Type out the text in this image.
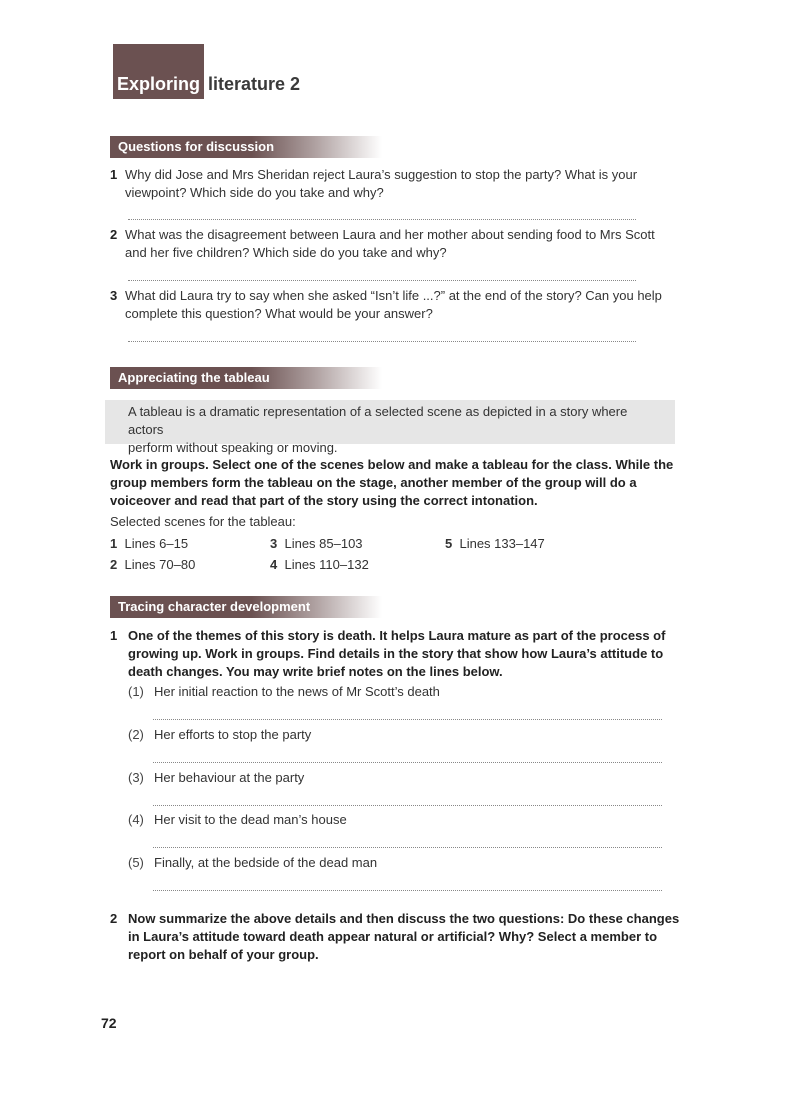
Exploring literature 2
Questions for discussion
1 Why did Jose and Mrs Sheridan reject Laura’s suggestion to stop the party? What is your
viewpoint? Which side do you take and why?
2 What was the disagreement between Laura and her mother about sending food to Mrs Scott
and her five children? Which side do you take and why?
3 What did Laura try to say when she asked “Isn’t life ...?” at the end of the story? Can you help
complete this question? What would be your answer?
Appreciating the tableau
A tableau is a dramatic representation of a selected scene as depicted in a story where actors
perform without speaking or moving.
Work in groups. Select one of the scenes below and make a tableau for the class. While the
group members form the tableau on the stage, another member of the group will do a
voiceover and read that part of the story using the correct intonation.
Selected scenes for the tableau:
1 Lines 6–15
2 Lines 70–80
3 Lines 85–103
4 Lines 110–132
5 Lines 133–147
Tracing character development
1 One of the themes of this story is death. It helps Laura mature as part of the process of
growing up. Work in groups. Find details in the story that show how Laura’s attitude to
death changes. You may write brief notes on the lines below.
(1) Her initial reaction to the news of Mr Scott’s death
(2) Her efforts to stop the party
(3) Her behaviour at the party
(4) Her visit to the dead man’s house
(5) Finally, at the bedside of the dead man
2 Now summarize the above details and then discuss the two questions: Do these changes
in Laura’s attitude toward death appear natural or artificial? Why? Select a member to
report on behalf of your group.
72
